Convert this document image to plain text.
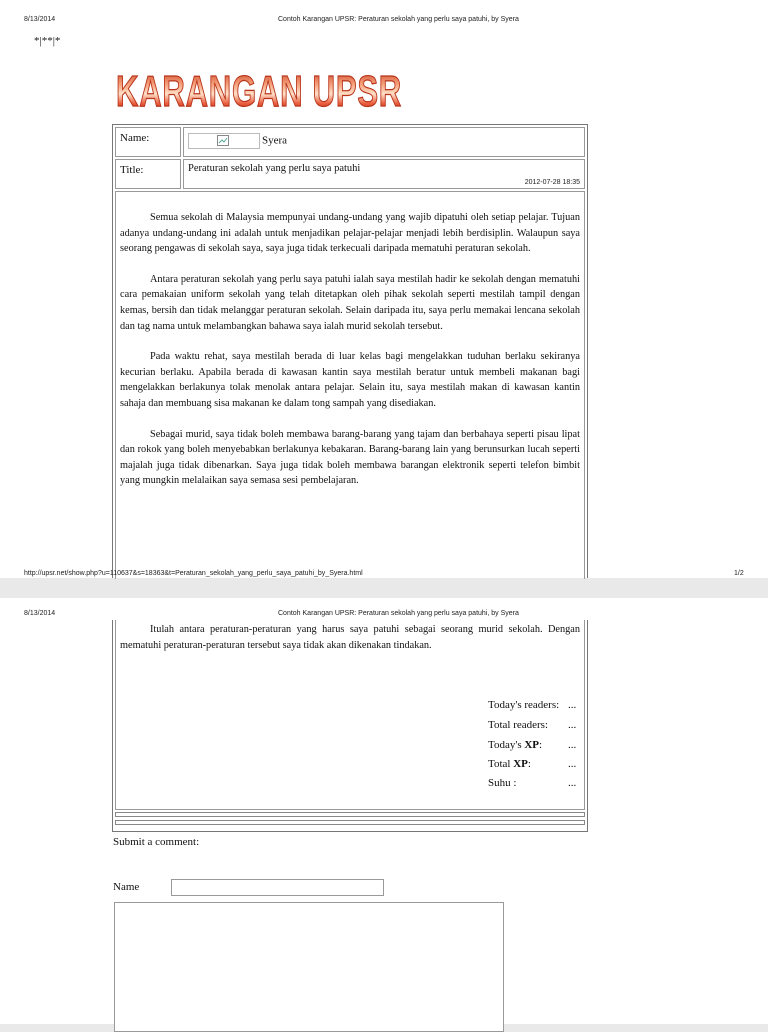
8/13/2014	Contoh Karangan UPSR: Peraturan sekolah yang perlu saya patuhi, by Syera
*|**|*
KARANGAN UPSR
Name:	Syera
Title:	Peraturan sekolah yang perlu saya patuhi
2012-07-28 18:35

Semua sekolah di Malaysia mempunyai undang-undang yang wajib dipatuhi oleh setiap pelajar. Tujuan adanya undang-undang ini adalah untuk menjadikan pelajar-pelajar menjadi lebih berdisiplin. Walaupun saya seorang pengawas di sekolah saya, saya juga tidak terkecuali daripada mematuhi peraturan sekolah.

Antara peraturan sekolah yang perlu saya patuhi ialah saya mestilah hadir ke sekolah dengan mematuhi cara pemakaian uniform sekolah yang telah ditetapkan oleh pihak sekolah seperti mestilah tampil dengan kemas, bersih dan tidak melanggar peraturan sekolah. Selain daripada itu, saya perlu memakai lencana sekolah dan tag nama untuk melambangkan bahawa saya ialah murid sekolah tersebut.

Pada waktu rehat, saya mestilah berada di luar kelas bagi mengelakkan tuduhan berlaku sekiranya kecurian berlaku. Apabila berada di kawasan kantin saya mestilah beratur untuk membeli makanan bagi mengelakkan berlakunya tolak menolak antara pelajar. Selain itu, saya mestilah makan di kawasan kantin sahaja dan membuang sisa makanan ke dalam tong sampah yang disediakan.

Sebagai murid, saya tidak boleh membawa barang-barang yang tajam dan berbahaya seperti pisau lipat dan rokok yang boleh menyebabkan berlakunya kebakaran. Barang-barang lain yang berunsurkan lucah seperti majalah juga tidak dibenarkan. Saya juga tidak boleh membawa barangan elektronik seperti telefon bimbit yang mungkin melalaikan saya semasa sesi pembelajaran.

http://upsr.net/show.php?u=110637&s=18363&t=Peraturan_sekolah_yang_perlu_saya_patuhi_by_Syera.html	1/2
8/13/2014	Contoh Karangan UPSR: Peraturan sekolah yang perlu saya patuhi, by Syera

Itulah antara peraturan-peraturan yang harus saya patuhi sebagai seorang murid sekolah. Dengan mematuhi peraturan-peraturan tersebut saya tidak akan dikenakan tindakan.

Today's readers: ...
Total readers: ...
Today's XP: ...
Total XP:	...
Suhu :	...
Submit a comment:
Name
